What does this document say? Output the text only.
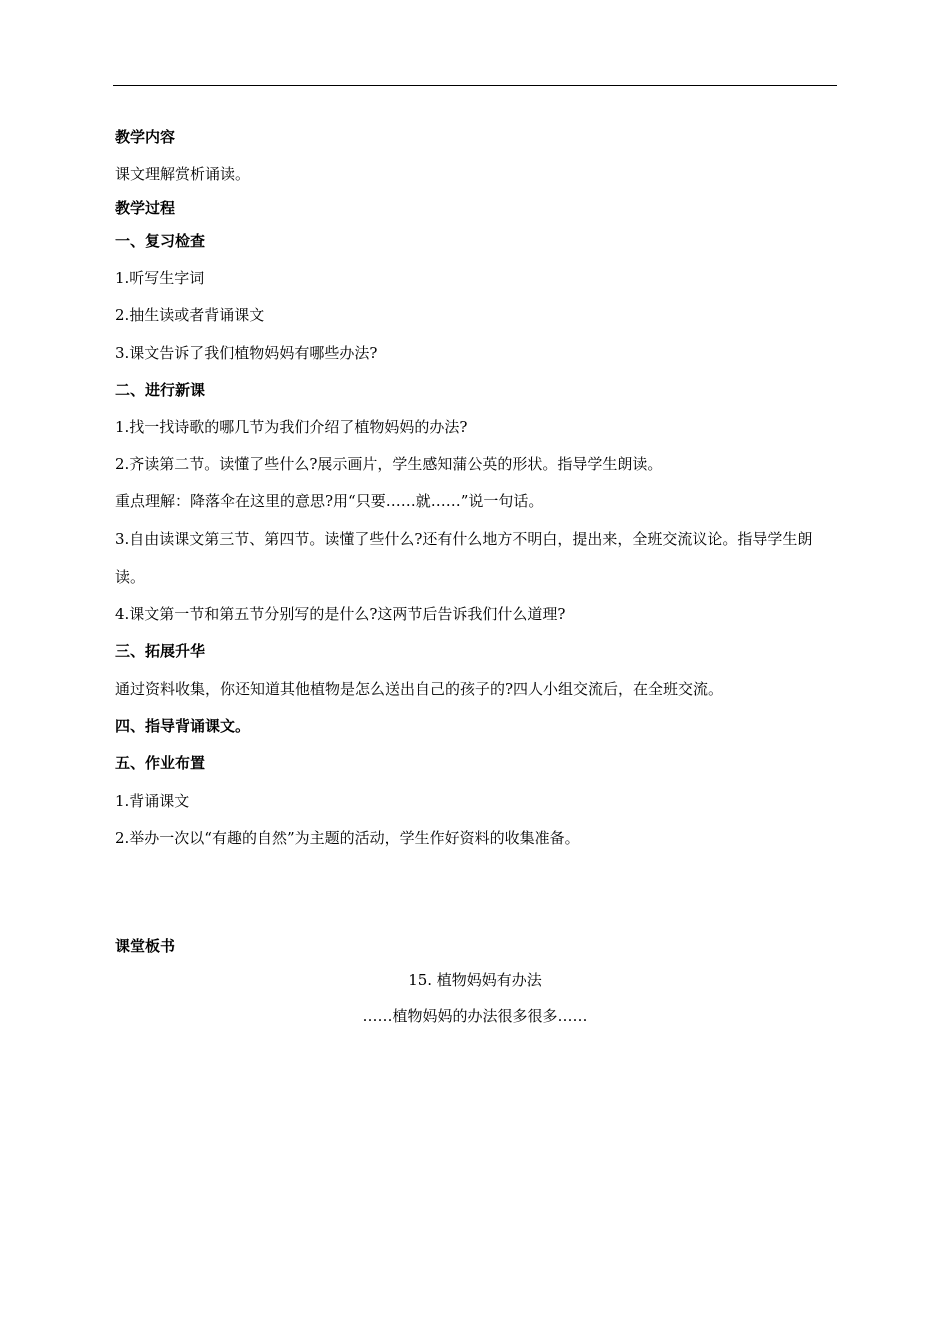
教学内容
课文理解赏析诵读。
教学过程
一、复习检查
1.听写生字词
2.抽生读或者背诵课文
3.课文告诉了我们植物妈妈有哪些办法?
二、进行新课
1.找一找诗歌的哪几节为我们介绍了植物妈妈的办法?
2.齐读第二节。读懂了些什么?展示画片，学生感知蒲公英的形状。指导学生朗读。
重点理解：降落伞在这里的意思?用“只要……就……”说一句话。
3.自由读课文第三节、第四节。读懂了些什么?还有什么地方不明白，提出来，全班交流议论。指导学生朗读。
4.课文第一节和第五节分别写的是什么?这两节后告诉我们什么道理?
三、拓展升华
通过资料收集，你还知道其他植物是怎么送出自己的孩子的?四人小组交流后，在全班交流。
四、指导背诵课文。
五、作业布置
1.背诵课文
2.举办一次以“有趣的自然”为主题的活动，学生作好资料的收集准备。
课堂板书
15. 植物妈妈有办法
……植物妈妈的办法很多很多……
